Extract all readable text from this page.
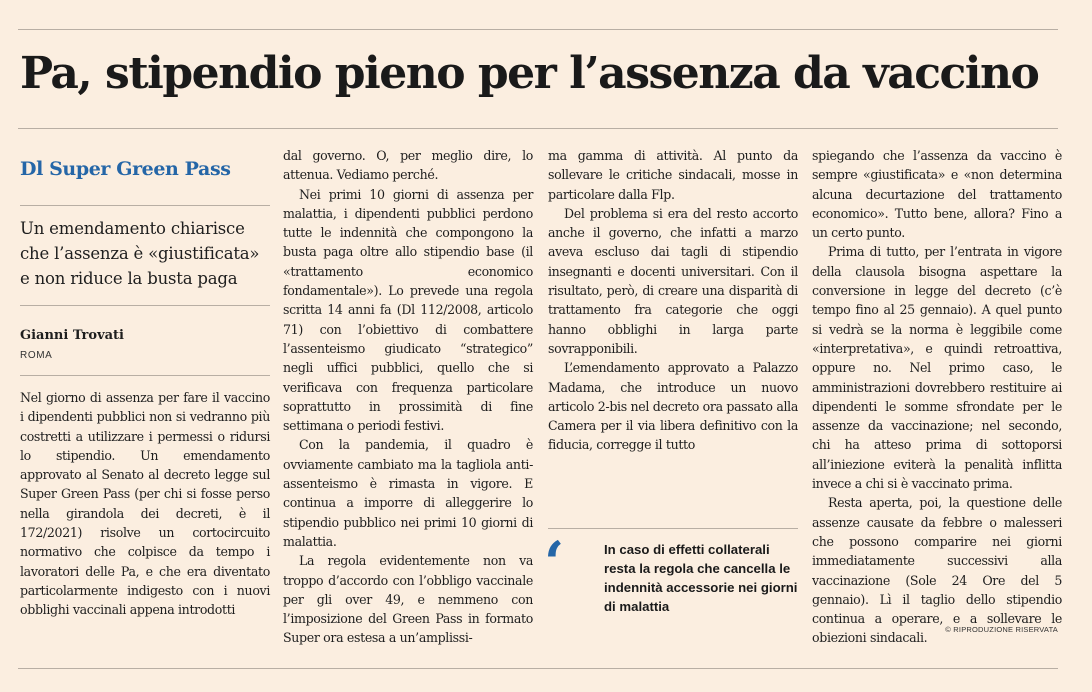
Pa, stipendio pieno per l’assenza da vaccino
Dl Super Green Pass
Un emendamento chiarisce che l’assenza è «giustificata» e non riduce la busta paga
Gianni Trovati
ROMA

Nel giorno di assenza per fare il vaccino i dipendenti pubblici non si vedranno più costretti a utilizzare i permessi o ridursi lo stipendio. Un emendamento approvato al Senato al decreto legge sul Super Green Pass (per chi si fosse perso nella girandola dei decreti, è il 172/2021) risolve un cortocircuito normativo che colpisce da tempo i lavoratori delle Pa, e che era diventato particolarmente indigesto con i nuovi obblighi vaccinali appena introdotti

dal governo. O, per meglio dire, lo attenua. Vediamo perché.

Nei primi 10 giorni di assenza per malattia, i dipendenti pubblici perdono tutte le indennità che compongono la busta paga oltre allo stipendio base (il «trattamento economico fondamentale»). Lo prevede una regola scritta 14 anni fa (Dl 112/2008, articolo 71) con l’obiettivo di combattere l’assenteismo giudicato “strategico” negli uffici pubblici, quello che si verificava con frequenza particolare soprattutto in prossimità di fine settimana o periodi festivi.

Con la pandemia, il quadro è ovviamente cambiato ma la tagliola anti-assenteismo è rimasta in vigore. E continua a imporre di alleggerire lo stipendio pubblico nei primi 10 giorni di malattia.

La regola evidentemente non va troppo d’accordo con l’obbligo vaccinale per gli over 49, e nemmeno con l’imposizione del Green Pass in formato Super ora estesa a un’amplissi-

ma gamma di attività. Al punto da sollevare le critiche sindacali, mosse in particolare dalla Flp.

Del problema si era del resto accorto anche il governo, che infatti a marzo aveva escluso dai tagli di stipendio insegnanti e docenti universitari. Con il risultato, però, di creare una disparità di trattamento fra categorie che oggi hanno obblighi in larga parte sovrapponibili.

L’emendamento approvato a Palazzo Madama, che introduce un nuovo articolo 2-bis nel decreto ora passato alla Camera per il via libera definitivo con la fiducia, corregge il tutto

‘	In caso di effetti collaterali resta la regola che cancella le indennità accessorie nei giorni di malattia

spiegando che l’assenza da vaccino è sempre «giustificata» e «non determina alcuna decurtazione del trattamento economico». Tutto bene, allora? Fino a un certo punto.

Prima di tutto, per l’entrata in vigore della clausola bisogna aspettare la conversione in legge del decreto (c’è tempo fino al 25 gennaio). A quel punto si vedrà se la norma è leggibile come «interpretativa», e quindi retroattiva, oppure no. Nel primo caso, le amministrazioni dovrebbero restituire ai dipendenti le somme sfrondate per le assenze da vaccinazione; nel secondo, chi ha atteso prima di sottoporsi all’iniezione eviterà la penalità inflitta invece a chi si è vaccinato prima.

Resta aperta, poi, la questione delle assenze causate da febbre o malesseri che possono comparire nei giorni immediatamente successivi alla vaccinazione (Sole 24 Ore del 5 gennaio). Lì il taglio dello stipendio continua a operare, e a sollevare le obiezioni sindacali.

© RIPRODUZIONE RISERVATA
